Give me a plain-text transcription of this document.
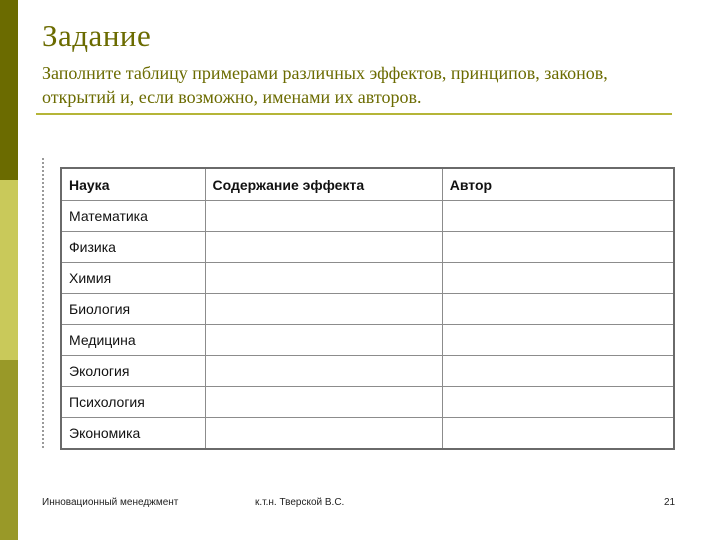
Задание
Заполните таблицу примерами различных эффектов, принципов, законов, открытий и, если возможно, именами их авторов.
Наука	Содержание эффекта	Автор
Математика		
Физика		
Химия		
Биология		
Медицина		
Экология		
Психология		
Экономика		
Инновационный менеджмент	к.т.н. Тверской В.С.	21
